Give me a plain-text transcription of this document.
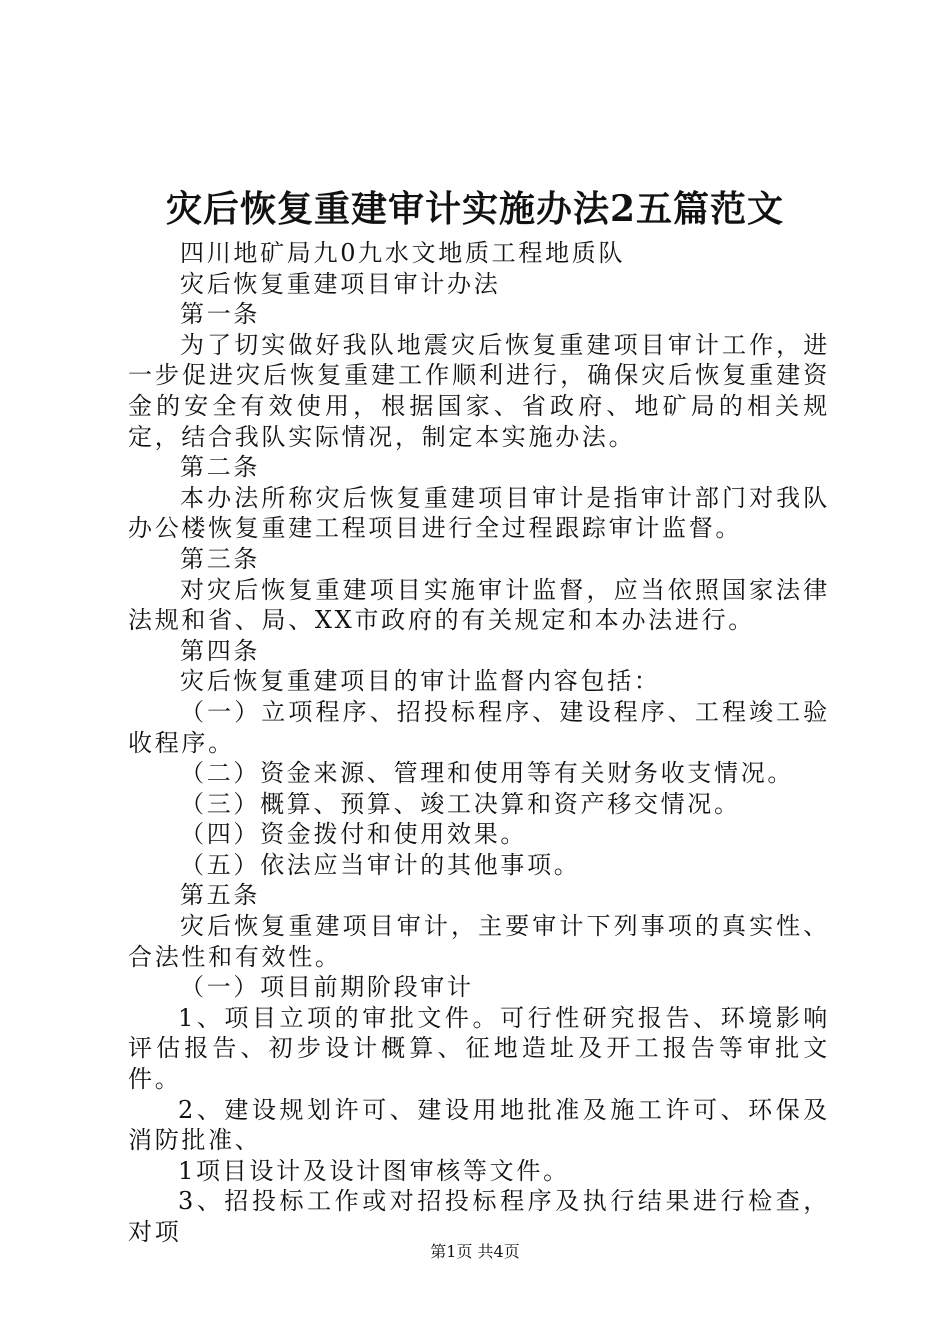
灾后恢复重建审计实施办法2五篇范文

四川地矿局九0九水文地质工程地质队

灾后恢复重建项目审计办法

第一条

为了切实做好我队地震灾后恢复重建项目审计工作，进一步促进灾后恢复重建工作顺利进行，确保灾后恢复重建资金的安全有效使用，根据国家、省政府、地矿局的相关规定，结合我队实际情况，制定本实施办法。

第二条

本办法所称灾后恢复重建项目审计是指审计部门对我队办公楼恢复重建工程项目进行全过程跟踪审计监督。

第三条

对灾后恢复重建项目实施审计监督，应当依照国家法律法规和省、局、XX市政府的有关规定和本办法进行。

第四条

灾后恢复重建项目的审计监督内容包括：

（一）立项程序、招投标程序、建设程序、工程竣工验收程序。

（二）资金来源、管理和使用等有关财务收支情况。

（三）概算、预算、竣工决算和资产移交情况。

（四）资金拨付和使用效果。

（五）依法应当审计的其他事项。

第五条

灾后恢复重建项目审计，主要审计下列事项的真实性、合法性和有效性。

（一）项目前期阶段审计

1、项目立项的审批文件。可行性研究报告、环境影响评估报告、初步设计概算、征地造址及开工报告等审批文件。

2、建设规划许可、建设用地批准及施工许可、环保及消防批准、

1项目设计及设计图审核等文件。

3、招投标工作或对招投标程序及执行结果进行检查，对项

第1页 共4页
